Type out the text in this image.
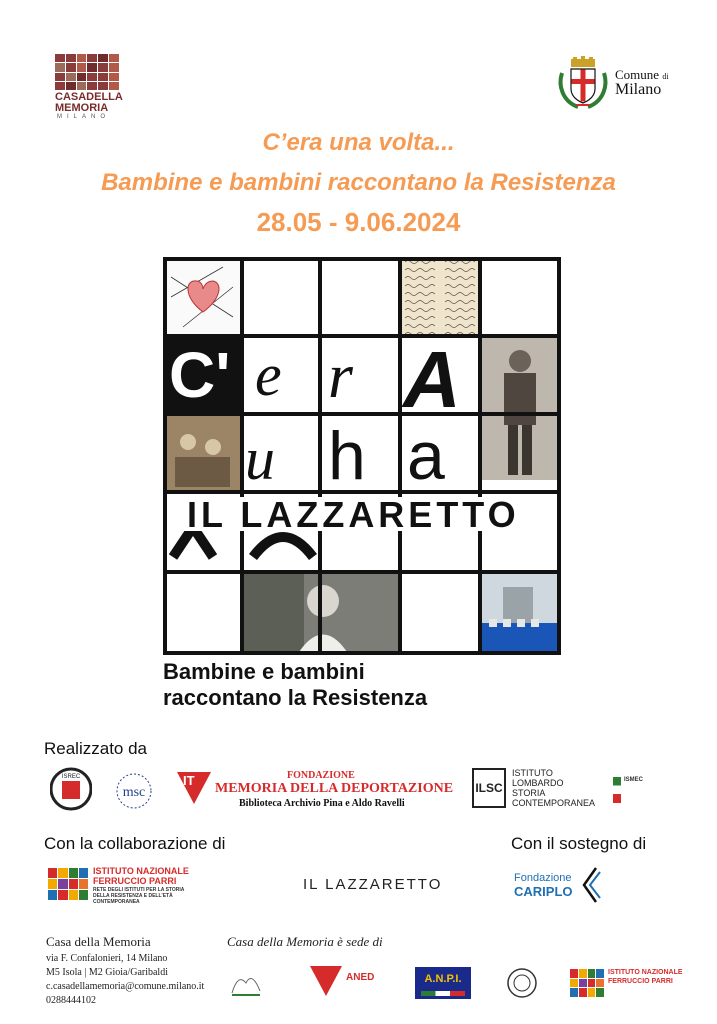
CASADELLA
MEMORIA
MILANO
Comune di
Milano
C’era una volta...
Bambine e bambini raccontano la Resistenza
28.05 - 9.06.2024
C' e r A
u h a
IL LAZZARETTO
Bambine e bambini
raccontano la Resistenza
Realizzato da
ISREC
msc
IT	FONDAZIONE
MEMORIA DELLA DEPORTAZIONE
Biblioteca Archivio Pina e Aldo Ravelli
ILSC
ISTITUTO
LOMBARDO
STORIA
CONTEMPORANEA
ISMEC
Con la collaborazione di
ISTITUTO NAZIONALE
FERRUCCIO PARRI
RETE DEGLI ISTITUTI PER LA STORIA
DELLA RESISTENZA E DELL'ETÀ
CONTEMPORANEA
IL LAZZARETTO
Con il sostegno di
Fondazione
CARIPLO
Casa della Memoria
via F. Confalonieri, 14 Milano
M5 Isola | M2 Gioia/Garibaldi
c.casadellamemoria@comune.milano.it
0288444102
Casa della Memoria è sede di
ANED	A.N.P.I.
ISTITUTO NAZIONALE
FERRUCCIO PARRI
